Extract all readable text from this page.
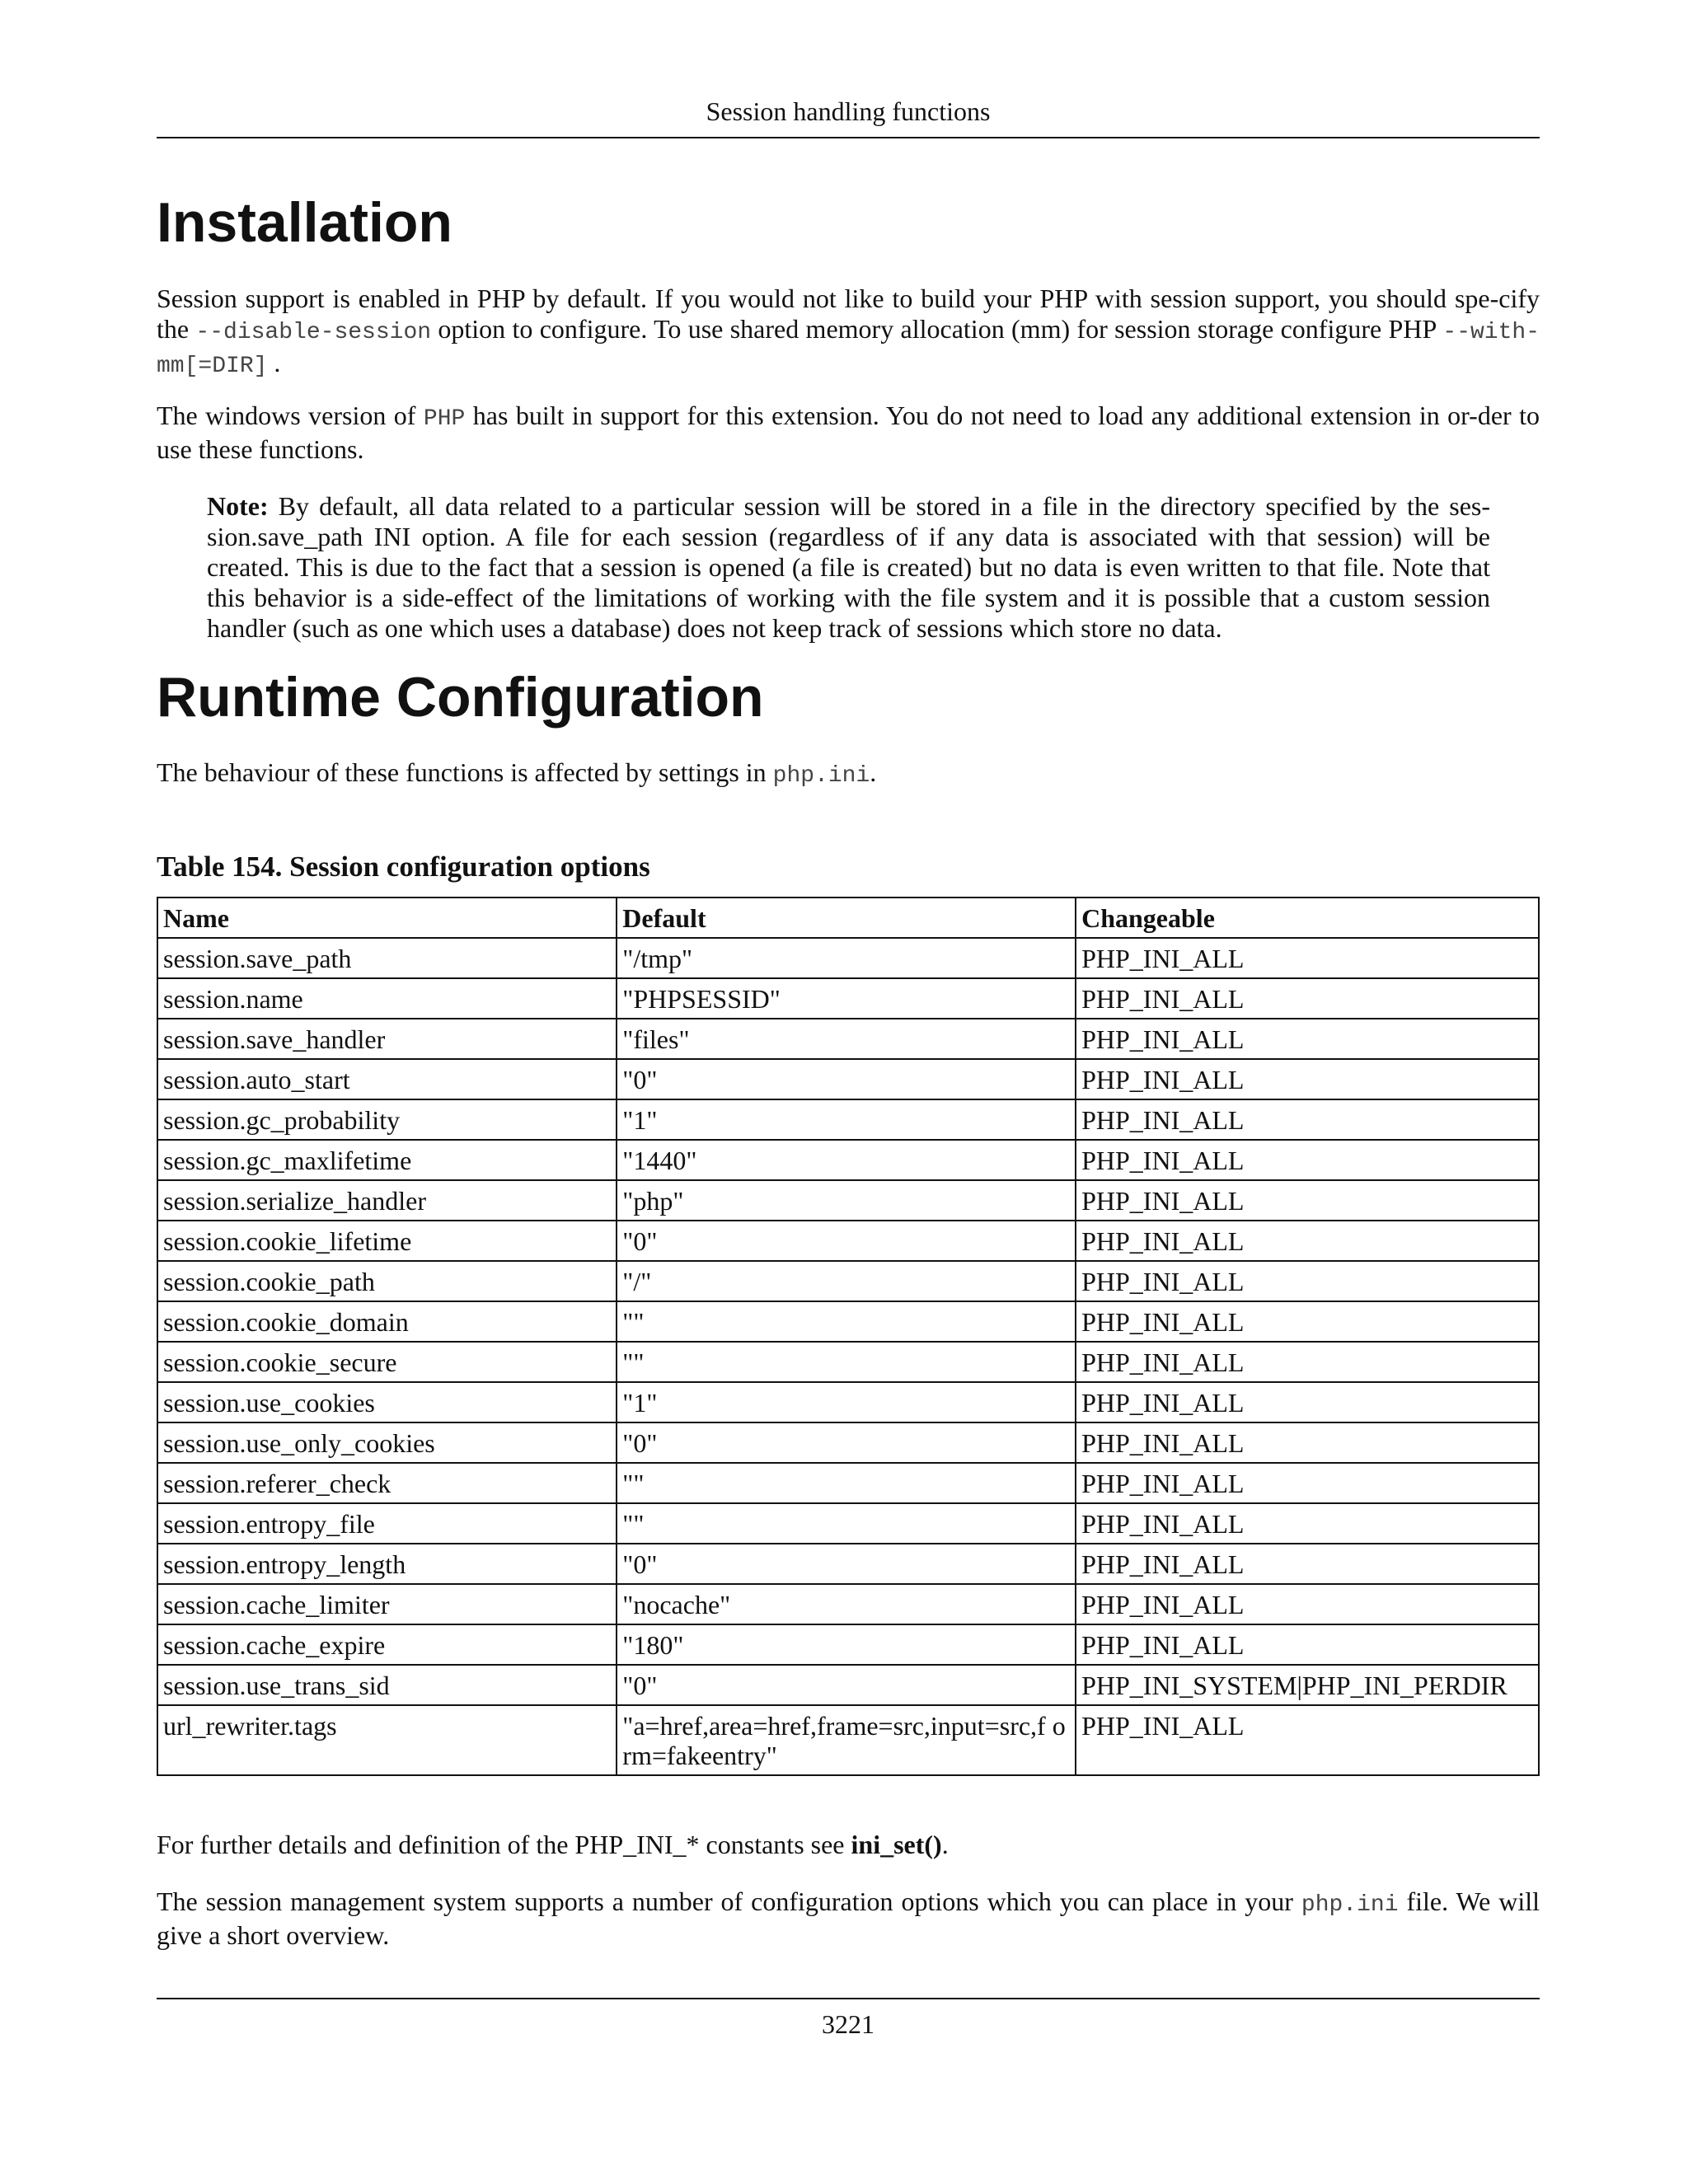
Session handling functions
Installation

Session support is enabled in PHP by default. If you would not like to build your PHP with session support, you should spe-cify the --disable-session option to configure. To use shared memory allocation (mm) for session storage configure PHP --with-mm[=DIR] .

The windows version of PHP has built in support for this extension. You do not need to load any additional extension in or-der to use these functions.

Note: By default, all data related to a particular session will be stored in a file in the directory specified by the ses-sion.save_path INI option. A file for each session (regardless of if any data is associated with that session) will be created. This is due to the fact that a session is opened (a file is created) but no data is even written to that file. Note that this behavior is a side-effect of the limitations of working with the file system and it is possible that a custom session handler (such as one which uses a database) does not keep track of sessions which store no data.

Runtime Configuration

The behaviour of these functions is affected by settings in php.ini.

Table 154. Session configuration options
Name	Default	Changeable
session.save_path	"/tmp"	PHP_INI_ALL
session.name	"PHPSESSID"	PHP_INI_ALL
session.save_handler	"files"	PHP_INI_ALL
session.auto_start	"0"	PHP_INI_ALL
session.gc_probability	"1"	PHP_INI_ALL
session.gc_maxlifetime	"1440"	PHP_INI_ALL
session.serialize_handler	"php"	PHP_INI_ALL
session.cookie_lifetime	"0"	PHP_INI_ALL
session.cookie_path	"/"	PHP_INI_ALL
session.cookie_domain	""	PHP_INI_ALL
session.cookie_secure	""	PHP_INI_ALL
session.use_cookies	"1"	PHP_INI_ALL
session.use_only_cookies	"0"	PHP_INI_ALL
session.referer_check	""	PHP_INI_ALL
session.entropy_file	""	PHP_INI_ALL
session.entropy_length	"0"	PHP_INI_ALL
session.cache_limiter	"nocache"	PHP_INI_ALL
session.cache_expire	"180"	PHP_INI_ALL
session.use_trans_sid	"0"	PHP_INI_SYSTEM|PHP_INI_PERDIR
url_rewriter.tags	"a=href,area=href,frame=src,input=src,f orm=fakeentry"	PHP_INI_ALL

For further details and definition of the PHP_INI_* constants see ini_set().

The session management system supports a number of configuration options which you can place in your php.ini file. We will give a short overview.

3221
